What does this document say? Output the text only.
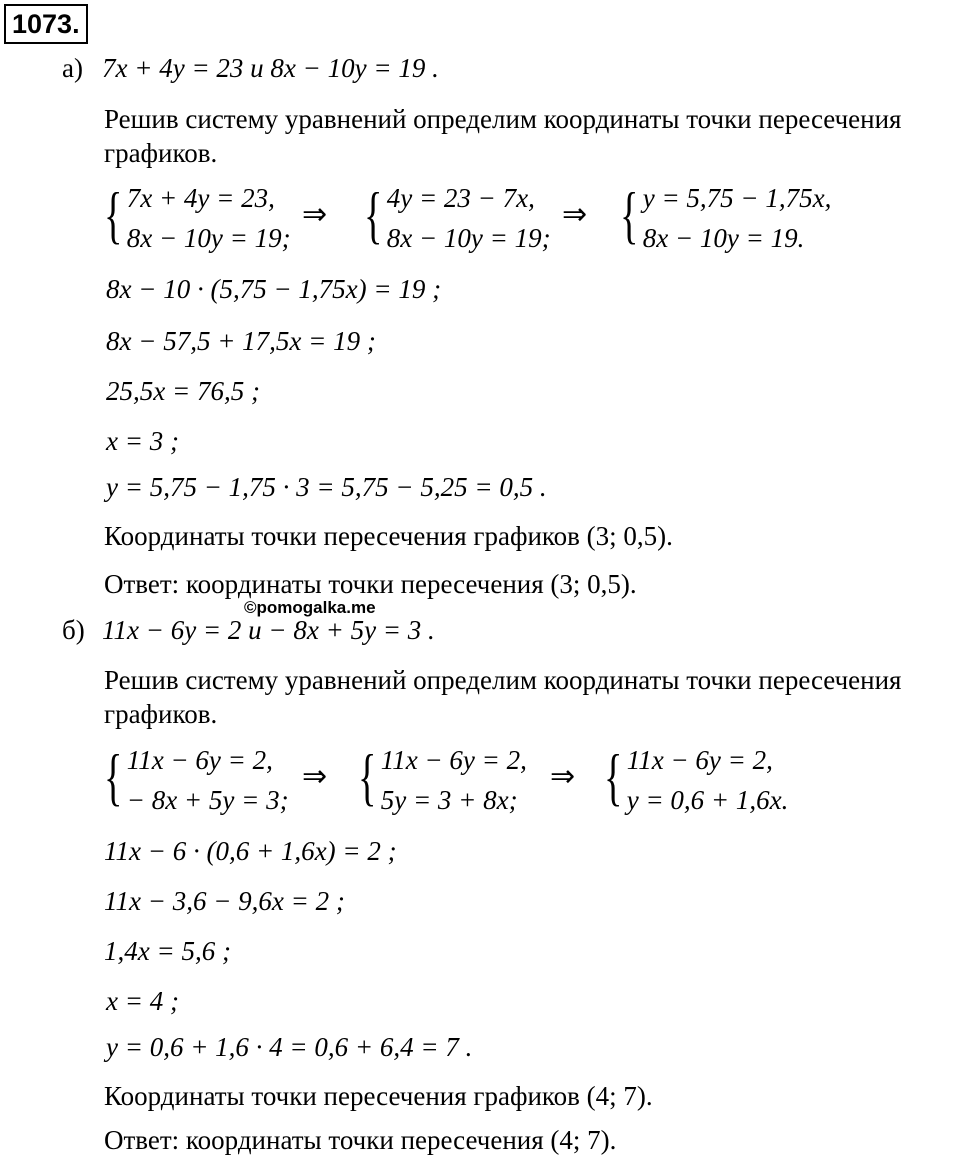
1073.
а) 7x + 4y = 23 и 8x − 10y = 19 .
Решив систему уравнений определим координаты точки пересечения
графиков.
{ 7x + 4y = 23,
8x − 10y = 19;
⇒ { 4y = 23 − 7x,
8x − 10y = 19;
⇒ { y = 5,75 − 1,75x,
8x − 10y = 19.
8x − 10 · (5,75 − 1,75x) = 19 ;
8x − 57,5 + 17,5x = 19 ;
25,5x = 76,5 ;
x = 3 ;
y = 5,75 − 1,75 · 3 = 5,75 − 5,25 = 0,5 .
Координаты точки пересечения графиков (3; 0,5).
Ответ: координаты точки пересечения (3; 0,5).
©pomogalka.me
б) 11x − 6y = 2 и − 8x + 5y = 3 .
Решив систему уравнений определим координаты точки пересечения
графиков.
{ 11x − 6y = 2,
− 8x + 5y = 3;
⇒ { 11x − 6y = 2,
5y = 3 + 8x;
⇒ { 11x − 6y = 2,
y = 0,6 + 1,6x.
11x − 6 · (0,6 + 1,6x) = 2 ;
11x − 3,6 − 9,6x = 2 ;
1,4x = 5,6 ;
x = 4 ;
y = 0,6 + 1,6 · 4 = 0,6 + 6,4 = 7 .
Координаты точки пересечения графиков (4; 7).
Ответ: координаты точки пересечения (4; 7).
